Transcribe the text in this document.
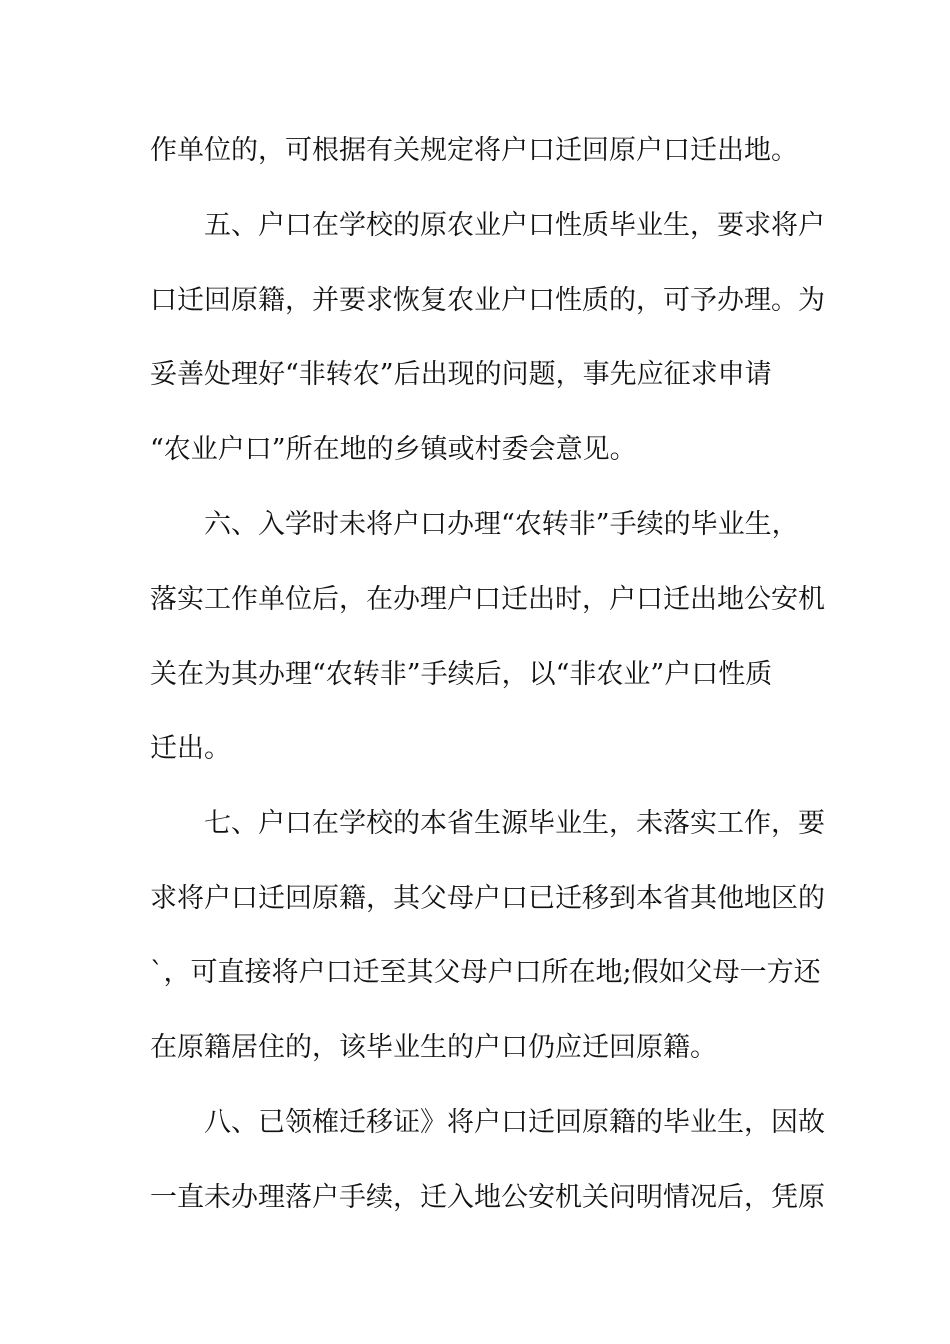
作单位的，可根据有关规定将户口迁回原户口迁出地。
五、户口在学校的原农业户口性质毕业生，要求将户
口迁回原籍，并要求恢复农业户口性质的，可予办理。为
妥善处理好“非转农”后出现的问题，事先应征求申请
“农业户口”所在地的乡镇或村委会意见。
六、入学时未将户口办理“农转非”手续的毕业生，
落实工作单位后，在办理户口迁出时，户口迁出地公安机
关在为其办理“农转非”手续后，以“非农业”户口性质
迁出。
七、户口在学校的本省生源毕业生，未落实工作，要
求将户口迁回原籍，其父母户口已迁移到本省其他地区的
`，可直接将户口迁至其父母户口所在地;假如父母一方还
在原籍居住的，该毕业生的户口仍应迁回原籍。
八、已领榷迁移证》将户口迁回原籍的毕业生，因故
一直未办理落户手续，迁入地公安机关问明情况后，凭原
